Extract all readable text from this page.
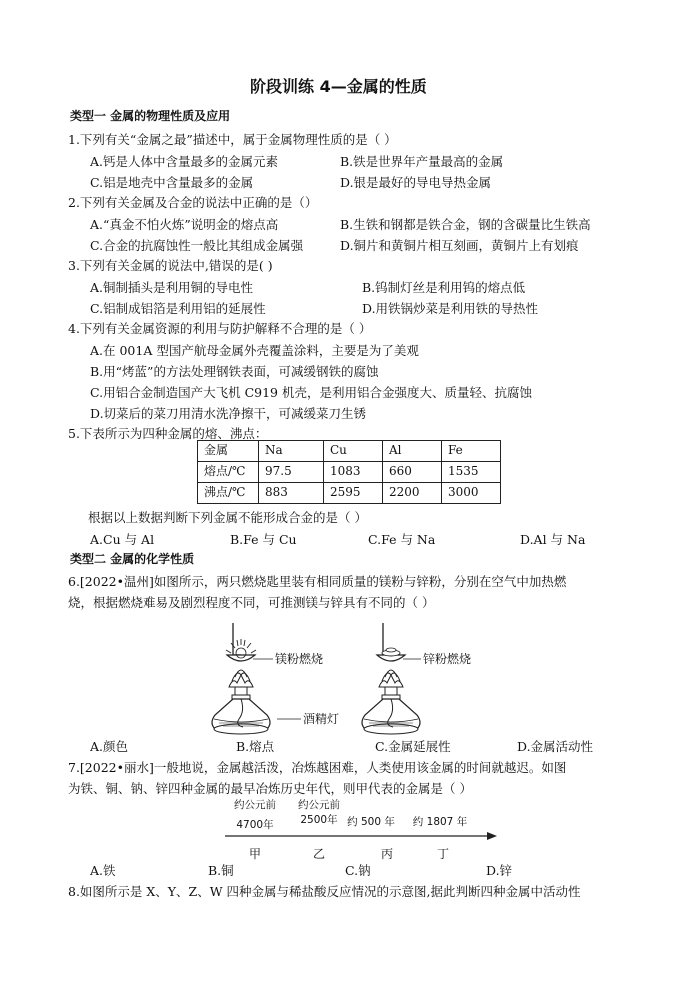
阶段训练 4—金属的性质
类型一 金属的物理性质及应用
1.下列有关“金属之最”描述中，属于金属物理性质的是（ ）
A.钙是人体中含量最多的金属元素	B.铁是世界年产量最高的金属
C.铝是地壳中含量最多的金属	D.银是最好的导电导热金属
2.下列有关金属及合金的说法中正确的是（）
A.“真金不怕火炼”说明金的熔点高	B.生铁和钢都是铁合金，钢的含碳量比生铁高
C.合金的抗腐蚀性一般比其组成金属强	D.铜片和黄铜片相互刻画，黄铜片上有划痕
3.下列有关金属的说法中,错误的是( )
A.铜制插头是利用铜的导电性	B.钨制灯丝是利用钨的熔点低
C.铝制成铝箔是利用铝的延展性	D.用铁锅炒菜是利用铁的导热性
4.下列有关金属资源的利用与防护解释不合理的是（ ）
A.在 001A 型国产航母金属外壳覆盖涂料，主要是为了美观
B.用“烤蓝”的方法处理钢铁表面，可减缓钢铁的腐蚀
C.用铝合金制造国产大飞机 C919 机壳，是利用铝合金强度大、质量轻、抗腐蚀
D.切菜后的菜刀用清水洗净擦干，可减缓菜刀生锈
5.下表所示为四种金属的熔、沸点：
金属	Na	Cu	Al	Fe
熔点/℃	97.5	1083	660	1535
沸点/℃	883	2595	2200	3000
根据以上数据判断下列金属不能形成合金的是（ ）
A.Cu 与 Al	B.Fe 与 Cu	C.Fe 与 Na	D.Al 与 Na
类型二 金属的化学性质
6.[2022•温州]如图所示，两只燃烧匙里装有相同质量的镁粉与锌粉，分别在空气中加热燃
烧，根据燃烧难易及剧烈程度不同，可推测镁与锌具有不同的（ ）
镁粉燃烧	锌粉燃烧
酒精灯
A.颜色	B.熔点	C.金属延展性	D.金属活动性
7.[2022•丽水]一般地说，金属越活泼，冶炼越困难，人类使用该金属的时间就越迟。如图
为铁、铜、钠、锌四种金属的最早冶炼历史年代，则甲代表的金属是（ ）
约公元前
4700年
约公元前
2500年 约 500 年 约 1807 年
甲	乙	丙	丁
A.铁	B.铜	C.钠	D.锌
8.如图所示是 X、Y、Z、W 四种金属与稀盐酸反应情况的示意图,据此判断四种金属中活动性
